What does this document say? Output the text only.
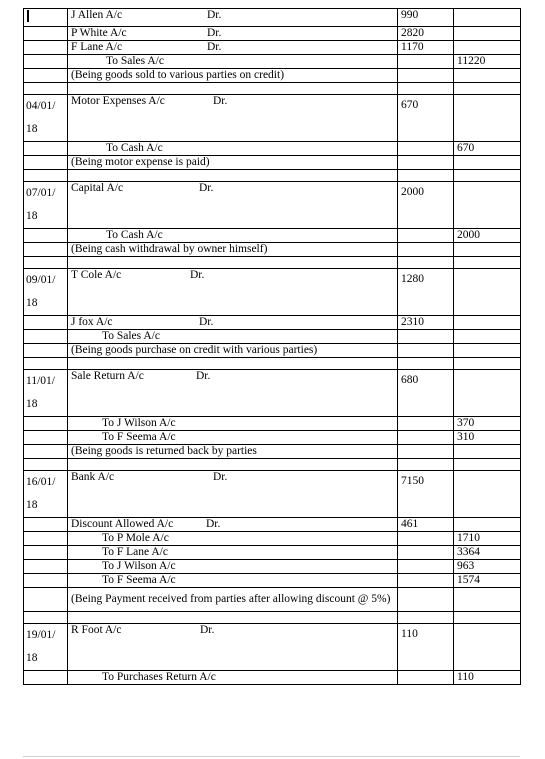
	J Allen A/c Dr.	990	
	P White A/c Dr.	2820	
	F Lane A/c Dr.	1170	
	To Sales A/c		11220
	(Being goods sold to various parties on credit)		

04/01/ 18	Motor Expenses A/c Dr.	670	
	To Cash A/c		670
	(Being motor expense is paid)		

07/01/ 18	Capital A/c Dr.	2000	
	To Cash A/c		2000
	(Being cash withdrawal by owner himself)		

09/01/ 18	T Cole A/c Dr.	1280	
	J fox A/c Dr.	2310	
	To Sales A/c		
	(Being goods purchase on credit with various parties)		

11/01/ 18	Sale Return A/c Dr.	680	
	To J Wilson A/c		370
	To F Seema A/c		310
	(Being goods is returned back by parties		

16/01/ 18	Bank A/c Dr.	7150	
	Discount Allowed A/c Dr.	461	
	To P Mole A/c		1710
	To F Lane A/c		3364
	To J Wilson A/c		963
	To F Seema A/c		1574
	(Being Payment received from parties after allowing discount @ 5%)		

19/01/ 18	R Foot A/c Dr.	110	
	To Purchases Return A/c		110
